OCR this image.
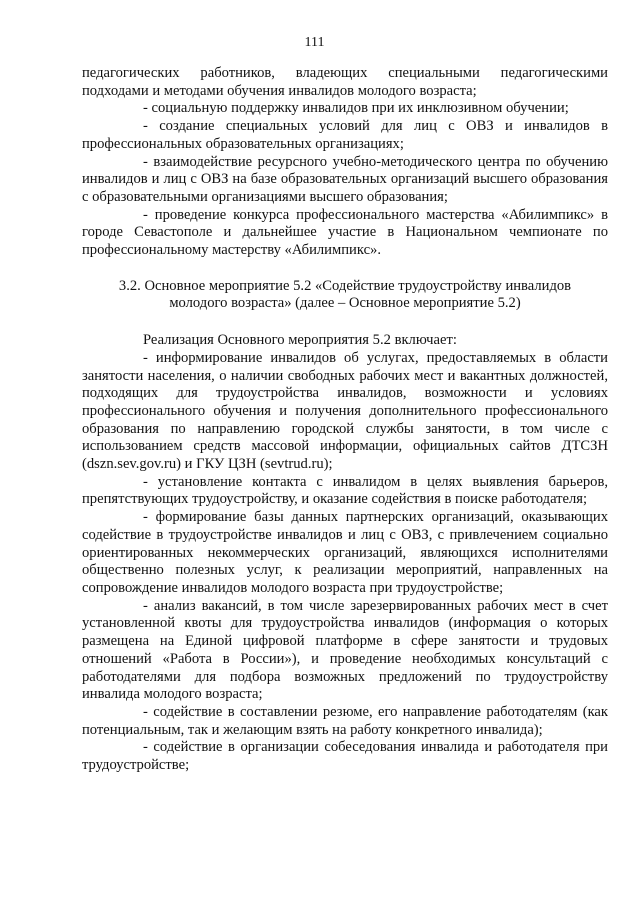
111

педагогических работников, владеющих специальными педагогическими подходами и методами обучения инвалидов молодого возраста;

- социальную поддержку инвалидов при их инклюзивном обучении;

- создание специальных условий для лиц с ОВЗ и инвалидов в профессиональных образовательных организациях;

- взаимодействие ресурсного учебно-методического центра по обучению инвалидов и лиц с ОВЗ на базе образовательных организаций высшего образования с образовательными организациями высшего образования;

- проведение конкурса профессионального мастерства «Абилимпикс» в городе Севастополе и дальнейшее участие в Национальном чемпионате по профессиональному мастерству «Абилимпикс».

3.2. Основное мероприятие 5.2 «Содействие трудоустройству инвалидов молодого возраста» (далее – Основное мероприятие 5.2)

Реализация Основного мероприятия 5.2 включает:

- информирование инвалидов об услугах, предоставляемых в области занятости населения, о наличии свободных рабочих мест и вакантных должностей, подходящих для трудоустройства инвалидов, возможности и условиях профессионального обучения и получения дополнительного профессионального образования по направлению городской службы занятости, в том числе с использованием средств массовой информации, официальных сайтов ДТСЗН (dszn.sev.gov.ru) и ГКУ ЦЗН (sevtrud.ru);

- установление контакта с инвалидом в целях выявления барьеров, препятствующих трудоустройству, и оказание содействия в поиске работодателя;

- формирование базы данных партнерских организаций, оказывающих содействие в трудоустройстве инвалидов и лиц с ОВЗ, с привлечением социально ориентированных некоммерческих организаций, являющихся исполнителями общественно полезных услуг, к реализации мероприятий, направленных на сопровождение инвалидов молодого возраста при трудоустройстве;

- анализ вакансий, в том числе зарезервированных рабочих мест в счет установленной квоты для трудоустройства инвалидов (информация о которых размещена на Единой цифровой платформе в сфере занятости и трудовых отношений «Работа в России»), и проведение необходимых консультаций с работодателями для подбора возможных предложений по трудоустройству инвалида молодого возраста;

- содействие в составлении резюме, его направление работодателям (как потенциальным, так и желающим взять на работу конкретного инвалида);

- содействие в организации собеседования инвалида и работодателя при трудоустройстве;
